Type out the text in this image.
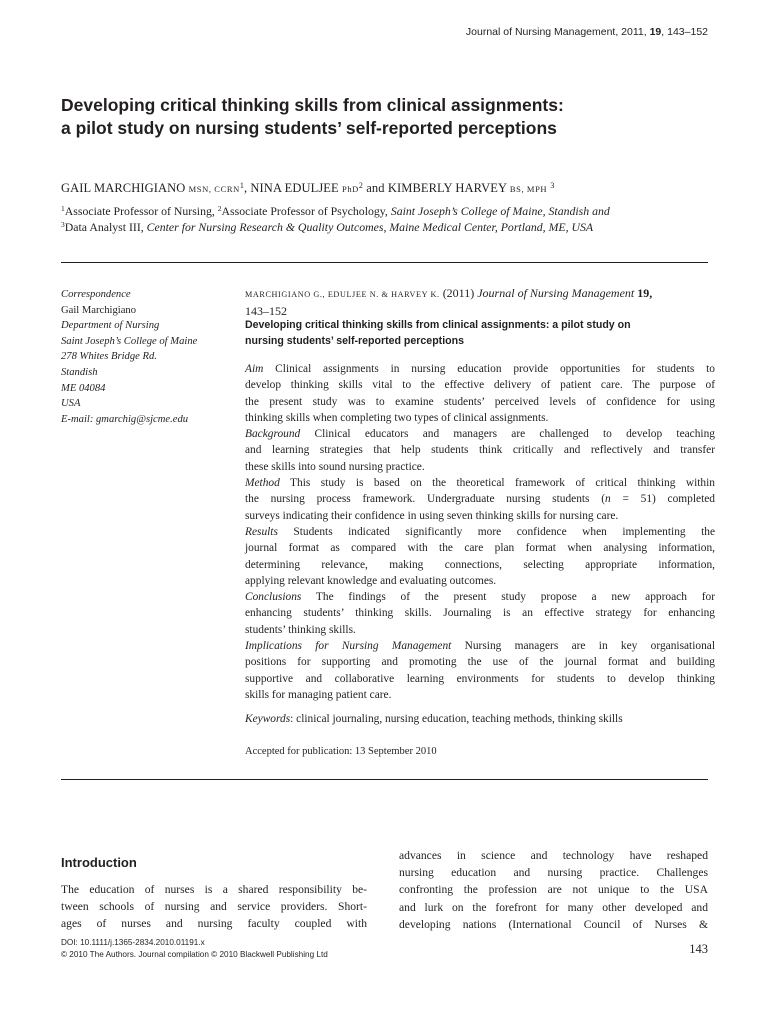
Journal of Nursing Management, 2011, 19, 143–152
Developing critical thinking skills from clinical assignments:
a pilot study on nursing students’ self-reported perceptions
GAIL MARCHIGIANO MSN, CCRN$^1$, NINA EDULJEE PhD$^2$ and KIMBERLY HARVEY BS, MPH $^3$
$^1$Associate Professor of Nursing, $^2$Associate Professor of Psychology, Saint Joseph’s College of Maine, Standish and
$^3$Data Analyst III, Center for Nursing Research & Quality Outcomes, Maine Medical Center, Portland, ME, USA
Correspondence
Gail Marchigiano
Department of Nursing
Saint Joseph’s College of Maine
278 Whites Bridge Rd.
Standish
ME 04084
USA
E-mail: gmarchig@sjcme.edu
MARCHIGIANO G., EDULJEE N. & HARVEY K. (2011) Journal of Nursing Management 19,
143–152
Developing critical thinking skills from clinical assignments: a pilot study on
nursing students’ self-reported perceptions
Aim Clinical assignments in nursing education provide opportunities for students to
develop thinking skills vital to the effective delivery of patient care. The purpose of
the present study was to examine students’ perceived levels of confidence for using
thinking skills when completing two types of clinical assignments.
Background Clinical educators and managers are challenged to develop teaching
and learning strategies that help students think critically and reflectively and transfer
these skills into sound nursing practice.
Method This study is based on the theoretical framework of critical thinking within
the nursing process framework. Undergraduate nursing students (n = 51) completed
surveys indicating their confidence in using seven thinking skills for nursing care.
Results Students indicated significantly more confidence when implementing the
journal format as compared with the care plan format when analysing information,
determining relevance, making connections, selecting appropriate information,
applying relevant knowledge and evaluating outcomes.
Conclusions The findings of the present study propose a new approach for
enhancing students’ thinking skills. Journaling is an effective strategy for enhancing
students’ thinking skills.
Implications for Nursing Management Nursing managers are in key organisational
positions for supporting and promoting the use of the journal format and building
supportive and collaborative learning environments for students to develop thinking
skills for managing patient care.
Keywords: clinical journaling, nursing education, teaching methods, thinking skills
Accepted for publication: 13 September 2010
Introduction
The education of nurses is a shared responsibility be-
tween schools of nursing and service providers. Short-
ages of nurses and nursing faculty coupled with
advances in science and technology have reshaped
nursing education and nursing practice. Challenges
confronting the profession are not unique to the USA
and lurk on the forefront for many other developed and
developing nations (International Council of Nurses &
DOI: 10.1111/j.1365-2834.2010.01191.x
© 2010 The Authors. Journal compilation © 2010 Blackwell Publishing Ltd	143
